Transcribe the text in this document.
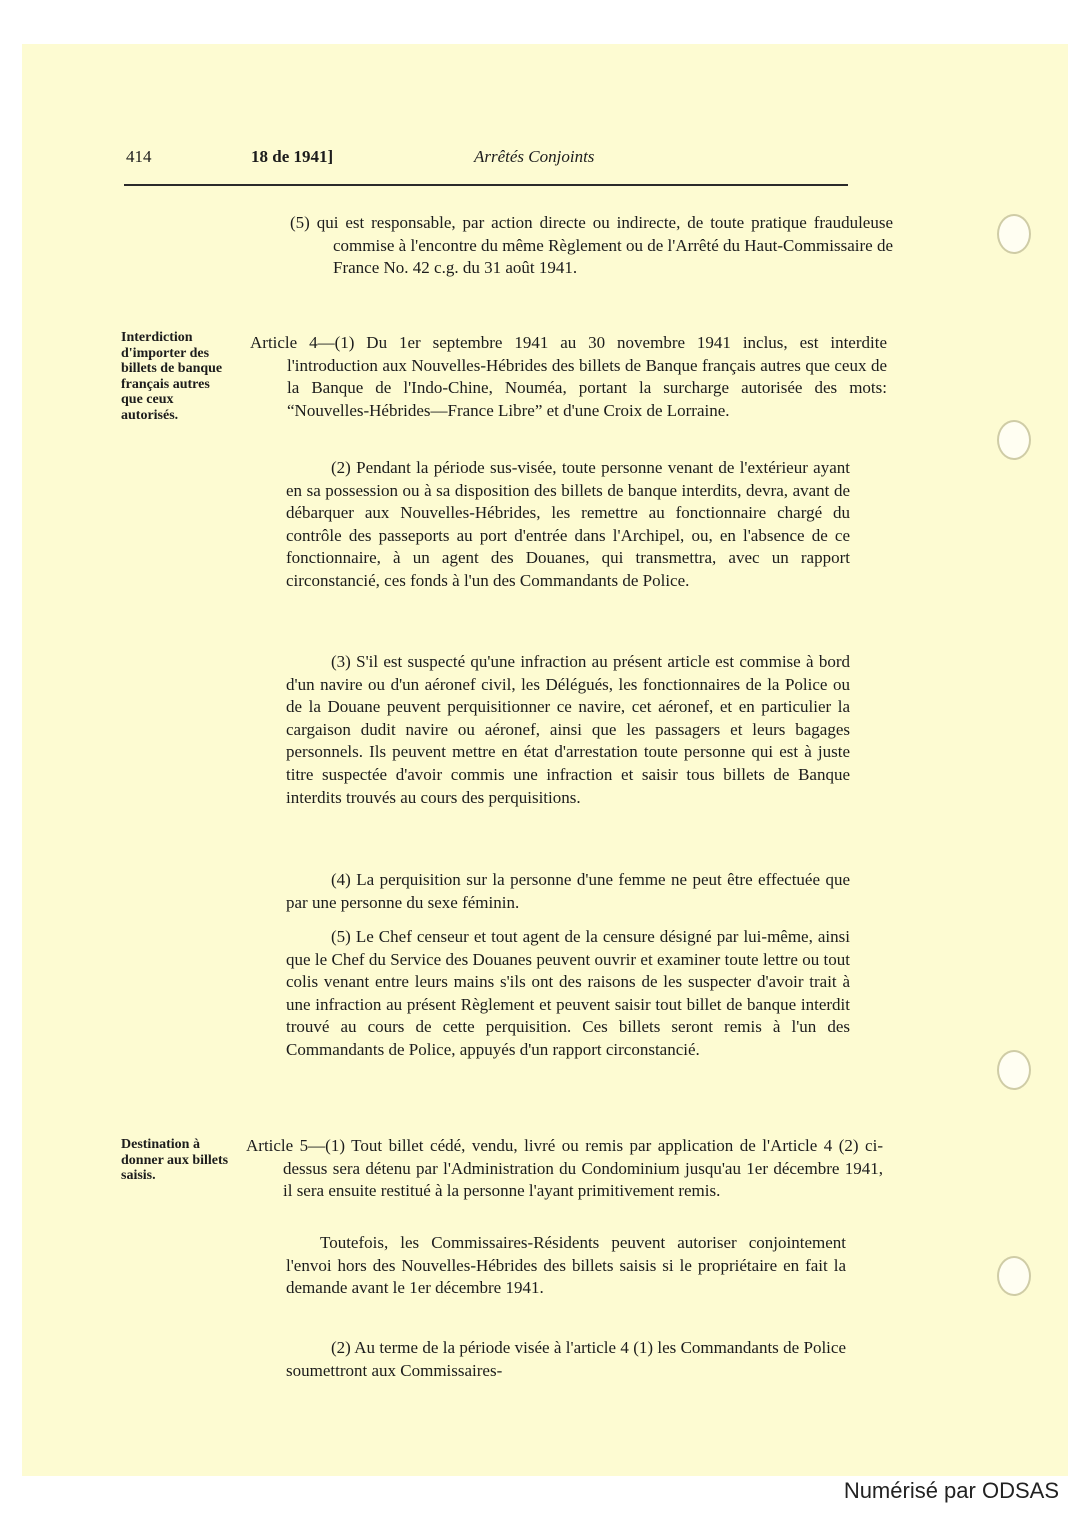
414	18 de 1941]	Arrêtés Conjoints
Interdiction d'importer des billets de banque français autres que ceux autorisés.
Destination à donner aux billets saisis.

(5) qui est responsable, par action directe ou indirecte, de toute pratique frauduleuse commise à l'encontre du même Règlement ou de l'Arrêté du Haut-Commissaire de France No. 42 c.g. du 31 août 1941.

Article 4—(1) Du 1er septembre 1941 au 30 novembre 1941 inclus, est interdite l'introduction aux Nouvelles-Hébrides des billets de Banque français autres que ceux de la Banque de l'Indo-Chine, Nouméa, portant la surcharge autorisée des mots: “Nouvelles-Hébrides—France Libre” et d'une Croix de Lorraine.

(2) Pendant la période sus-visée, toute personne venant de l'extérieur ayant en sa possession ou à sa disposition des billets de banque interdits, devra, avant de débarquer aux Nouvelles-Hébrides, les remettre au fonctionnaire chargé du contrôle des passeports au port d'entrée dans l'Archipel, ou, en l'absence de ce fonctionnaire, à un agent des Douanes, qui transmettra, avec un rapport circonstancié, ces fonds à l'un des Commandants de Police.

(3) S'il est suspecté qu'une infraction au présent article est commise à bord d'un navire ou d'un aéronef civil, les Délégués, les fonctionnaires de la Police ou de la Douane peuvent perquisitionner ce navire, cet aéronef, et en particulier la cargaison dudit navire ou aéronef, ainsi que les passagers et leurs bagages personnels. Ils peuvent mettre en état d'arrestation toute personne qui est à juste titre suspectée d'avoir commis une infraction et saisir tous billets de Banque interdits trouvés au cours des perquisitions.

(4) La perquisition sur la personne d'une femme ne peut être effectuée que par une personne du sexe féminin.

(5) Le Chef censeur et tout agent de la censure désigné par lui-même, ainsi que le Chef du Service des Douanes peuvent ouvrir et examiner toute lettre ou tout colis venant entre leurs mains s'ils ont des raisons de les suspecter d'avoir trait à une infraction au présent Règlement et peuvent saisir tout billet de banque interdit trouvé au cours de cette perquisition. Ces billets seront remis à l'un des Commandants de Police, appuyés d'un rapport circonstancié.

Article 5—(1) Tout billet cédé, vendu, livré ou remis par application de l'Article 4 (2) ci-dessus sera détenu par l'Administration du Condominium jusqu'au 1er décembre 1941, il sera ensuite restitué à la personne l'ayant primitivement remis.

Toutefois, les Commissaires-Résidents peuvent autoriser conjointement l'envoi hors des Nouvelles-Hébrides des billets saisis si le propriétaire en fait la demande avant le 1er décembre 1941.

(2) Au terme de la période visée à l'article 4 (1) les Commandants de Police soumettront aux Commissaires-

Numérisé par ODSAS
